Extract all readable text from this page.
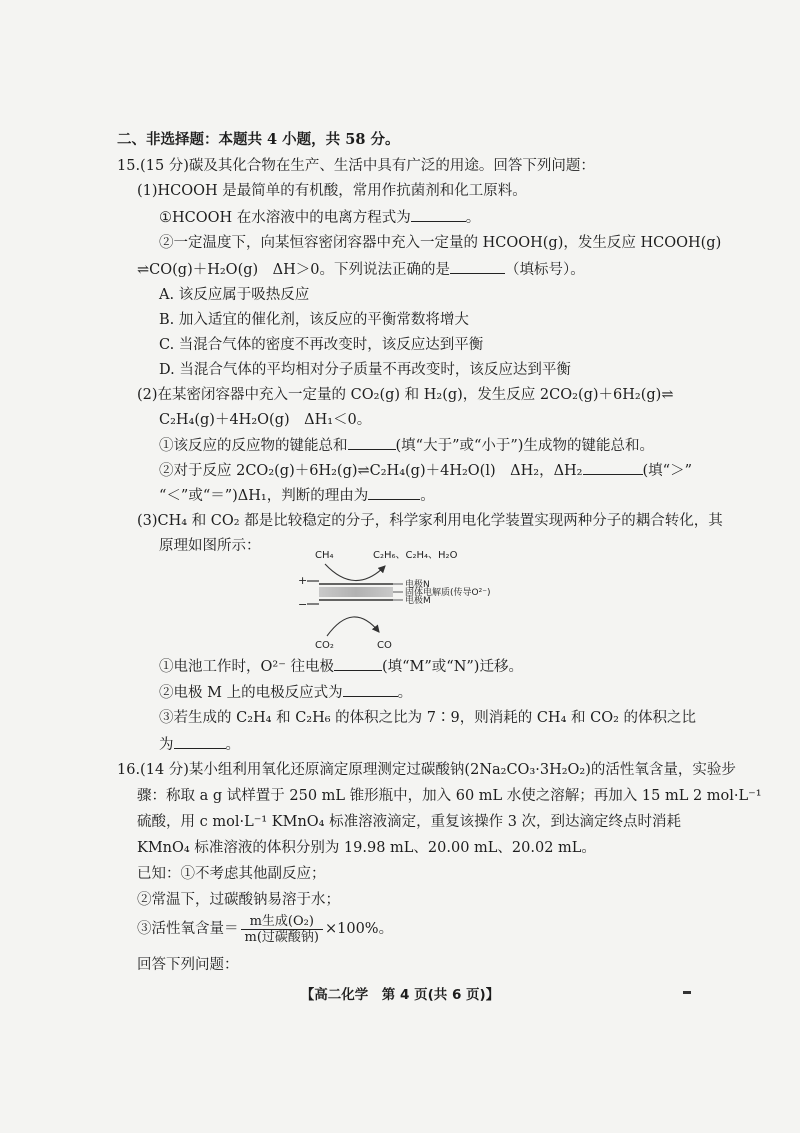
二、非选择题：本题共 4 小题，共 58 分。
15.(15 分)碳及其化合物在生产、生活中具有广泛的用途。回答下列问题：
(1)HCOOH 是最简单的有机酸，常用作抗菌剂和化工原料。
①HCOOH 在水溶液中的电离方程式为	。
②一定温度下，向某恒容密闭容器中充入一定量的 HCOOH(g)，发生反应 HCOOH(g)
⇌CO(g)＋H₂O(g)　ΔH＞0。下列说法正确的是	（填标号）。
A. 该反应属于吸热反应
B. 加入适宜的催化剂，该反应的平衡常数将增大
C. 当混合气体的密度不再改变时，该反应达到平衡
D. 当混合气体的平均相对分子质量不再改变时，该反应达到平衡
(2)在某密闭容器中充入一定量的 CO₂(g) 和 H₂(g)，发生反应 2CO₂(g)＋6H₂(g)⇌
C₂H₄(g)＋4H₂O(g)　ΔH₁＜0。
①该反应的反应物的键能总和	(填“大于”或“小于”)生成物的键能总和。
②对于反应 2CO₂(g)＋6H₂(g)⇌C₂H₄(g)＋4H₂O(l)　ΔH₂，ΔH₂	(填“＞”
“＜”或“＝”)ΔH₁，判断的理由为	。
(3)CH₄ 和 CO₂ 都是比较稳定的分子，科学家利用电化学装置实现两种分子的耦合转化，其
原理如图所示：
CH₄	C₂H₆、C₂H₄、H₂O
+
−
电极N
固体电解质(传导O²⁻)
电极M
CO₂	CO
①电池工作时，O²⁻ 往电极	(填“M”或“N”)迁移。
②电极 M 上的电极反应式为	。
③若生成的 C₂H₄ 和 C₂H₆ 的体积之比为 7∶9，则消耗的 CH₄ 和 CO₂ 的体积之比
为	。
16.(14 分)某小组利用氧化还原滴定原理测定过碳酸钠(2Na₂CO₃·3H₂O₂)的活性氧含量，实验步
骤：称取 a g 试样置于 250 mL 锥形瓶中，加入 60 mL 水使之溶解；再加入 15 mL 2 mol·L⁻¹
硫酸，用 c mol·L⁻¹ KMnO₄ 标准溶液滴定，重复该操作 3 次，到达滴定终点时消耗
KMnO₄ 标准溶液的体积分别为 19.98 mL、20.00 mL、20.02 mL。
已知：①不考虑其他副反应；
②常温下，过碳酸钠易溶于水；
③活性氧含量＝ $\frac{\text{m生成(O₂)}}{\text{m(过碳酸钠)}} \times 100\%$。
回答下列问题：
【高二化学　第 4 页(共 6 页)】
